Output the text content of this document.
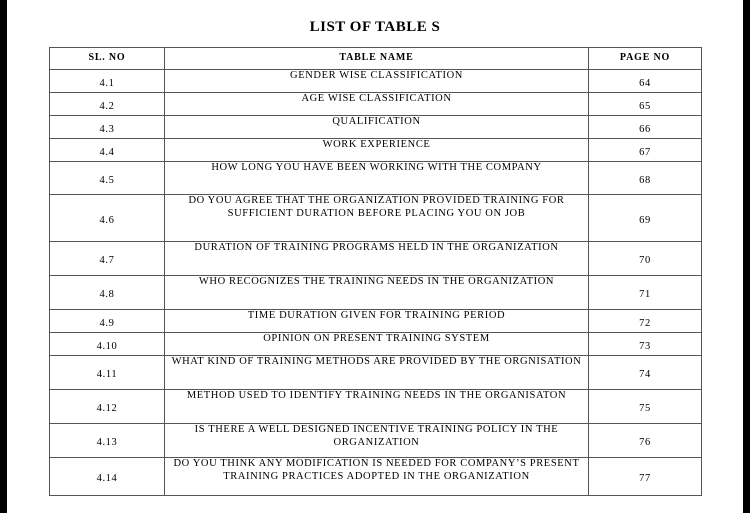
LIST OF TABLE S
SL. NO	TABLE NAME	PAGE NO
4.1	GENDER WISE CLASSIFICATION	64
4.2	AGE WISE CLASSIFICATION	65
4.3	QUALIFICATION	66
4.4	WORK EXPERIENCE	67
4.5	HOW LONG YOU HAVE BEEN WORKING WITH THE COMPANY	68
4.6	DO YOU AGREE THAT THE ORGANIZATION PROVIDED TRAINING FOR SUFFICIENT DURATION BEFORE PLACING YOU ON JOB	69
4.7	DURATION OF TRAINING PROGRAMS HELD IN THE ORGANIZATION	70
4.8	WHO RECOGNIZES THE TRAINING NEEDS IN THE ORGANIZATION	71
4.9	TIME DURATION GIVEN FOR TRAINING PERIOD	72
4.10	OPINION ON PRESENT TRAINING SYSTEM	73
4.11	WHAT KIND OF TRAINING METHODS ARE PROVIDED BY THE ORGNISATION	74
4.12	METHOD USED TO IDENTIFY TRAINING NEEDS IN THE ORGANISATON	75
4.13	IS THERE A WELL DESIGNED INCENTIVE TRAINING POLICY IN THE ORGANIZATION	76
4.14	DO YOU THINK ANY MODIFICATION IS NEEDED FOR COMPANY’S PRESENT TRAINING PRACTICES ADOPTED IN THE ORGANIZATION	77
